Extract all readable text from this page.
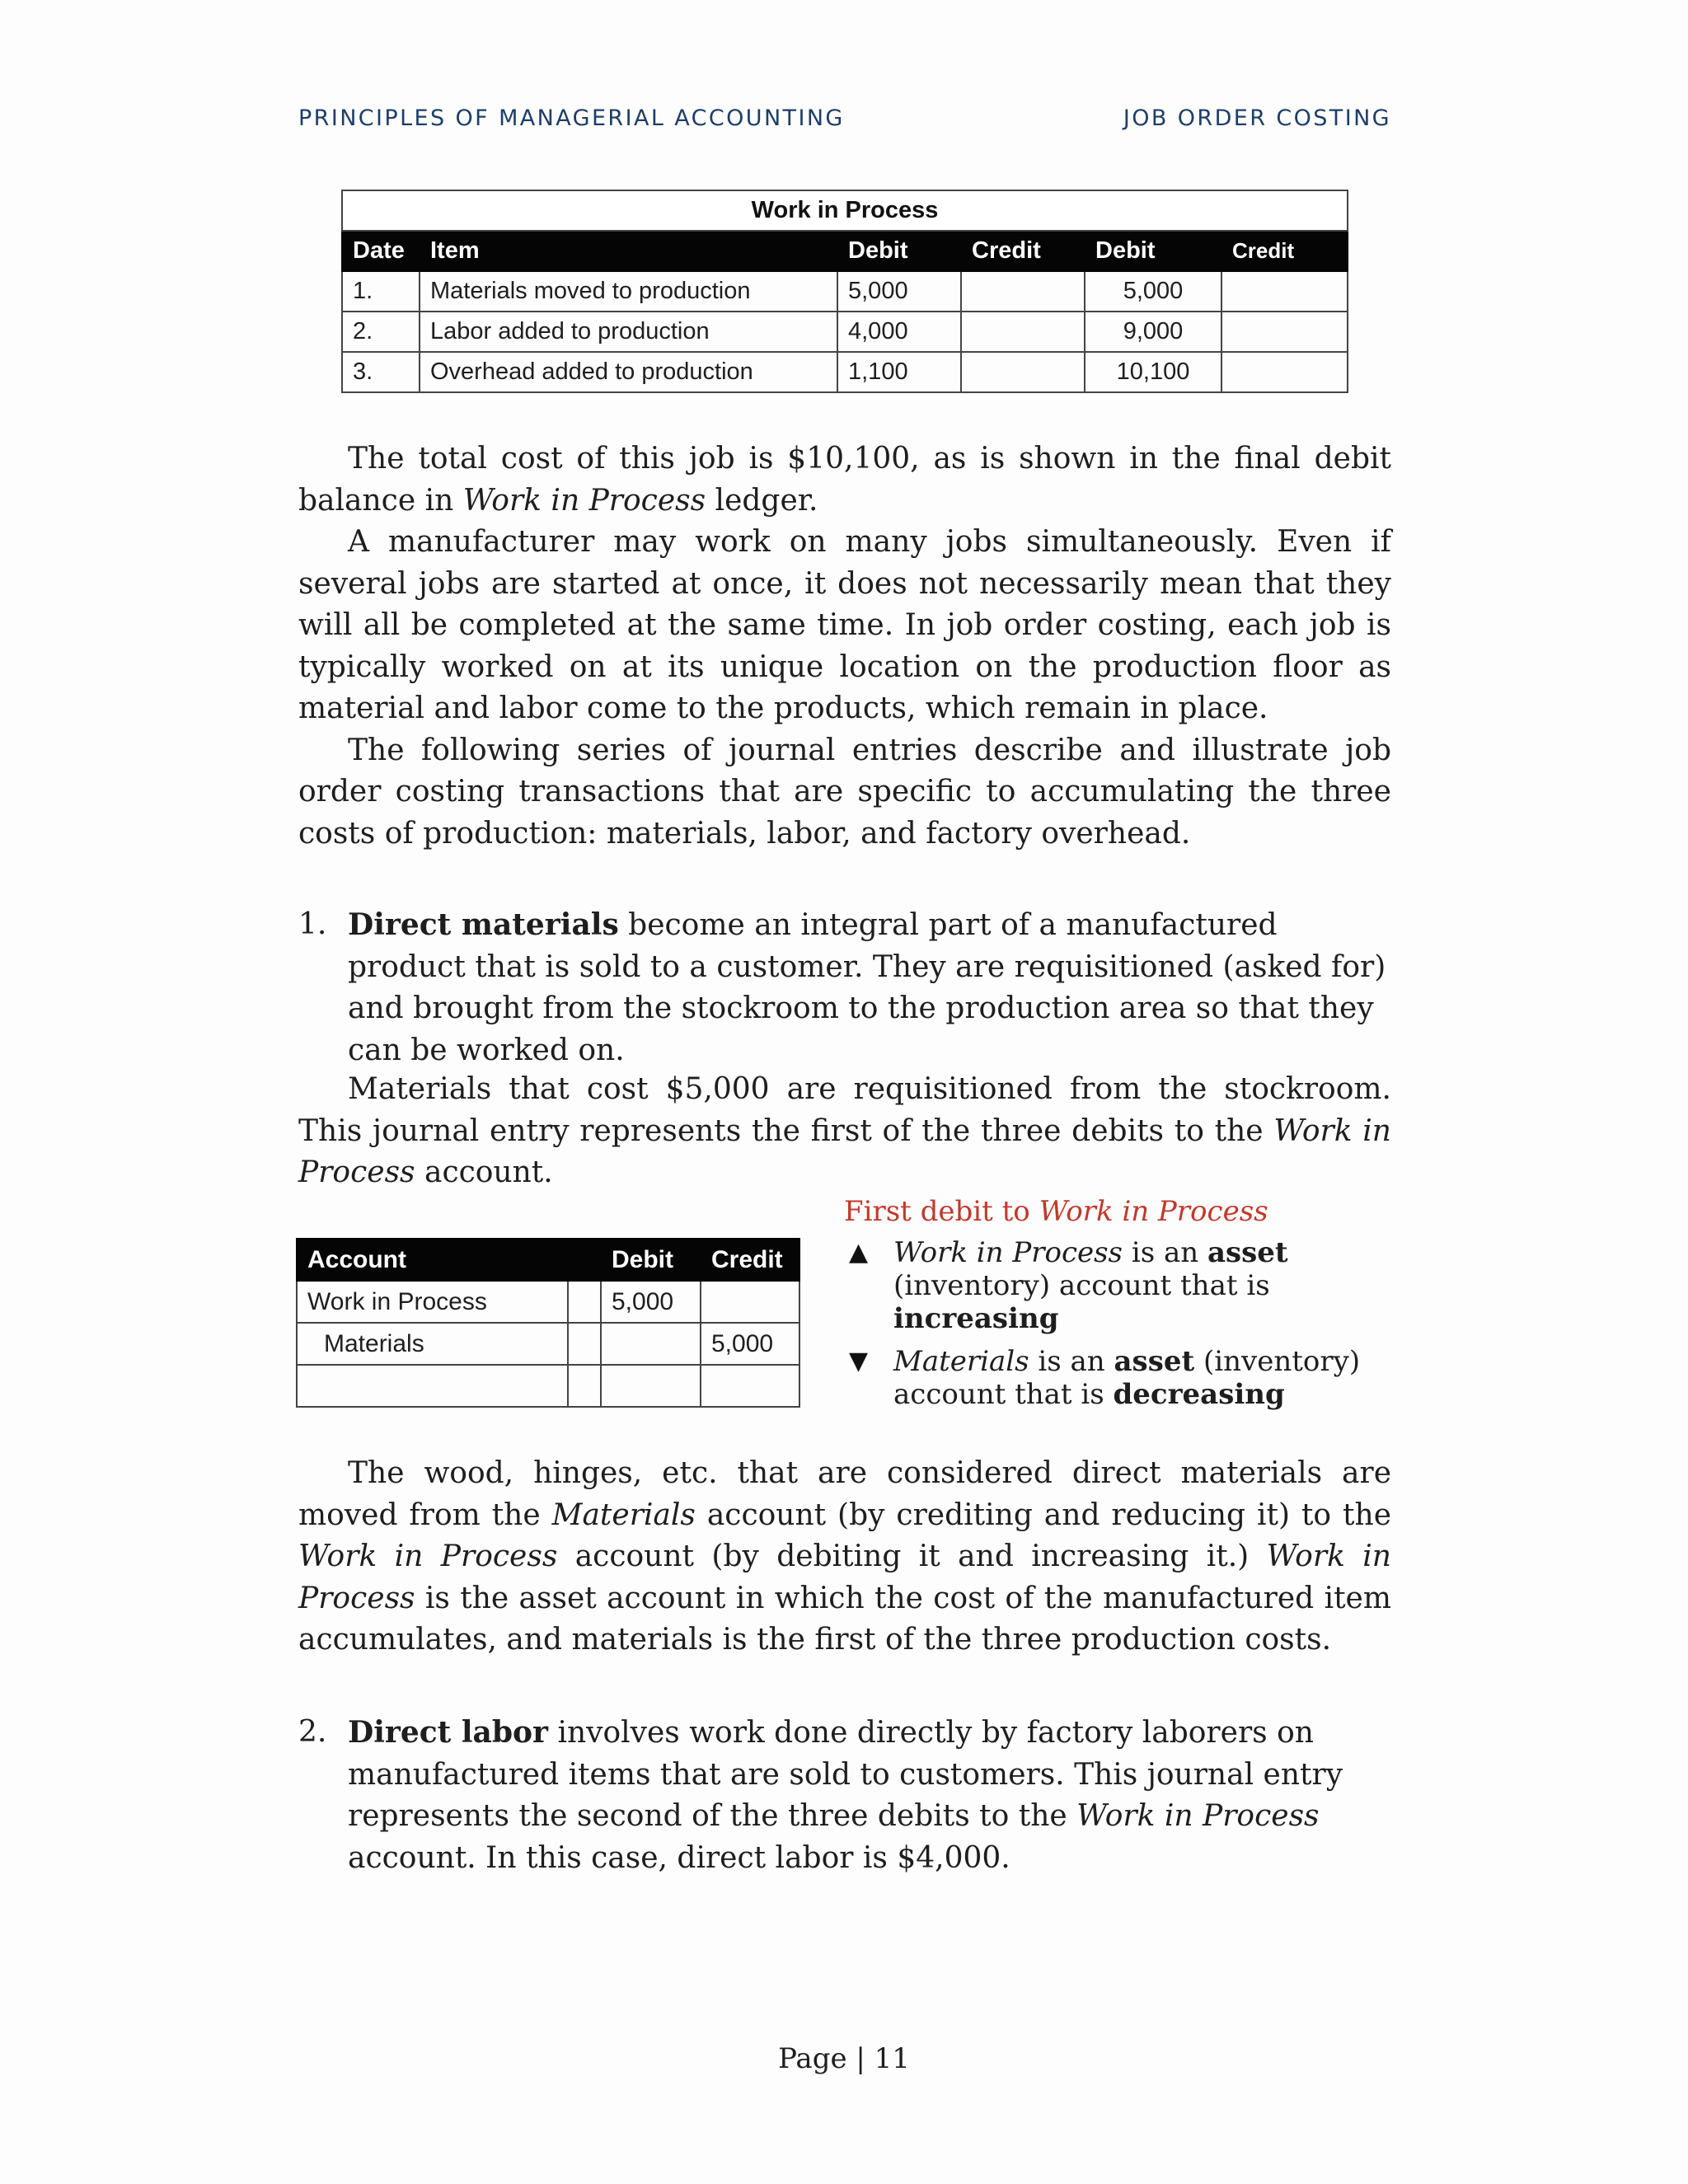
PRINCIPLES OF MANAGERIAL ACCOUNTING	JOB ORDER COSTING
Work in Process					
Date	Item	Debit	Credit	Debit	Credit
1.	Materials moved to production	5,000		5,000	
2.	Labor added to production	4,000		9,000	
3.	Overhead added to production	1,100		10,100	

The total cost of this job is $10,100, as is shown in the final debit balance in Work in Process ledger.

A manufacturer may work on many jobs simultaneously. Even if several jobs are started at once, it does not necessarily mean that they will all be completed at the same time. In job order costing, each job is typically worked on at its unique location on the production floor as material and labor come to the products, which remain in place.

The following series of journal entries describe and illustrate job order costing transactions that are specific to accumulating the three costs of production: materials, labor, and factory overhead.

1. Direct materials become an integral part of a manufactured product that is sold to a customer. They are requisitioned (asked for) and brought from the stockroom to the production area so that they can be worked on.

Materials that cost $5,000 are requisitioned from the stockroom. This journal entry represents the first of the three debits to the Work in Process account.

Account		Debit	Credit
Work in Process		5,000	
Materials			5,000

First debit to Work in Process
▲ Work in Process is an asset (inventory) account that is increasing
▼ Materials is an asset (inventory) account that is decreasing

The wood, hinges, etc. that are considered direct materials are moved from the Materials account (by crediting and reducing it) to the Work in Process account (by debiting it and increasing it.) Work in Process is the asset account in which the cost of the manufactured item accumulates, and materials is the first of the three production costs.

2. Direct labor involves work done directly by factory laborers on manufactured items that are sold to customers. This journal entry represents the second of the three debits to the Work in Process account. In this case, direct labor is $4,000.
Page | 11
